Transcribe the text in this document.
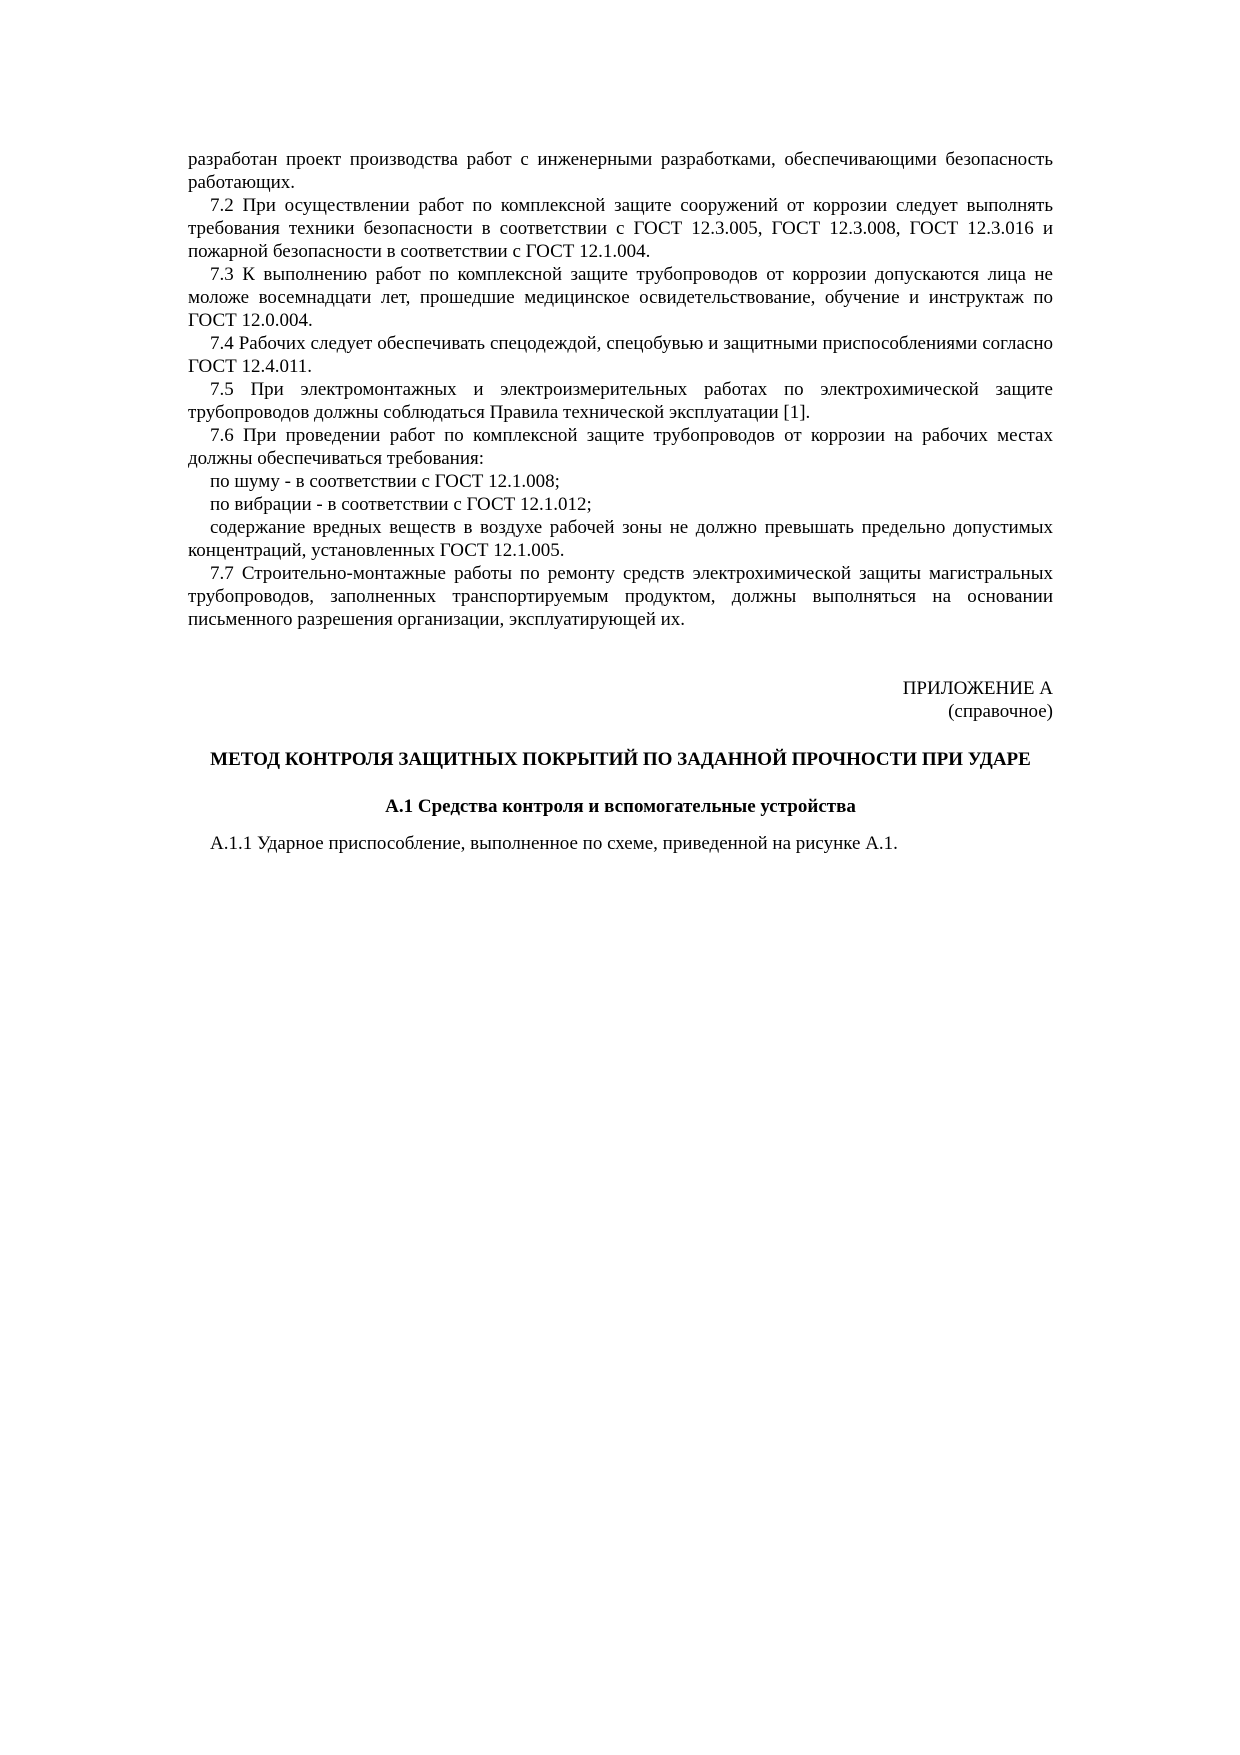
разработан проект производства работ с инженерными разработками, обеспечивающими безопасность работающих.

7.2 При осуществлении работ по комплексной защите сооружений от коррозии следует выполнять требования техники безопасности в соответствии с ГОСТ 12.3.005, ГОСТ 12.3.008, ГОСТ 12.3.016 и пожарной безопасности в соответствии с ГОСТ 12.1.004.

7.3 К выполнению работ по комплексной защите трубопроводов от коррозии допускаются лица не моложе восемнадцати лет, прошедшие медицинское освидетельствование, обучение и инструктаж по ГОСТ 12.0.004.

7.4 Рабочих следует обеспечивать спецодеждой, спецобувью и защитными приспособлениями согласно ГОСТ 12.4.011.

7.5 При электромонтажных и электроизмерительных работах по электрохимической защите трубопроводов должны соблюдаться Правила технической эксплуатации [1].

7.6 При проведении работ по комплексной защите трубопроводов от коррозии на рабочих местах должны обеспечиваться требования:

по шуму - в соответствии с ГОСТ 12.1.008;

по вибрации - в соответствии с ГОСТ 12.1.012;

содержание вредных веществ в воздухе рабочей зоны не должно превышать предельно допустимых концентраций, установленных ГОСТ 12.1.005.

7.7 Строительно-монтажные работы по ремонту средств электрохимической защиты магистральных трубопроводов, заполненных транспортируемым продуктом, должны выполняться на основании письменного разрешения организации, эксплуатирующей их.

ПРИЛОЖЕНИЕ А

(справочное)

МЕТОД КОНТРОЛЯ ЗАЩИТНЫХ ПОКРЫТИЙ ПО ЗАДАННОЙ ПРОЧНОСТИ ПРИ УДАРЕ

А.1 Средства контроля и вспомогательные устройства

А.1.1 Ударное приспособление, выполненное по схеме, приведенной на рисунке А.1.
